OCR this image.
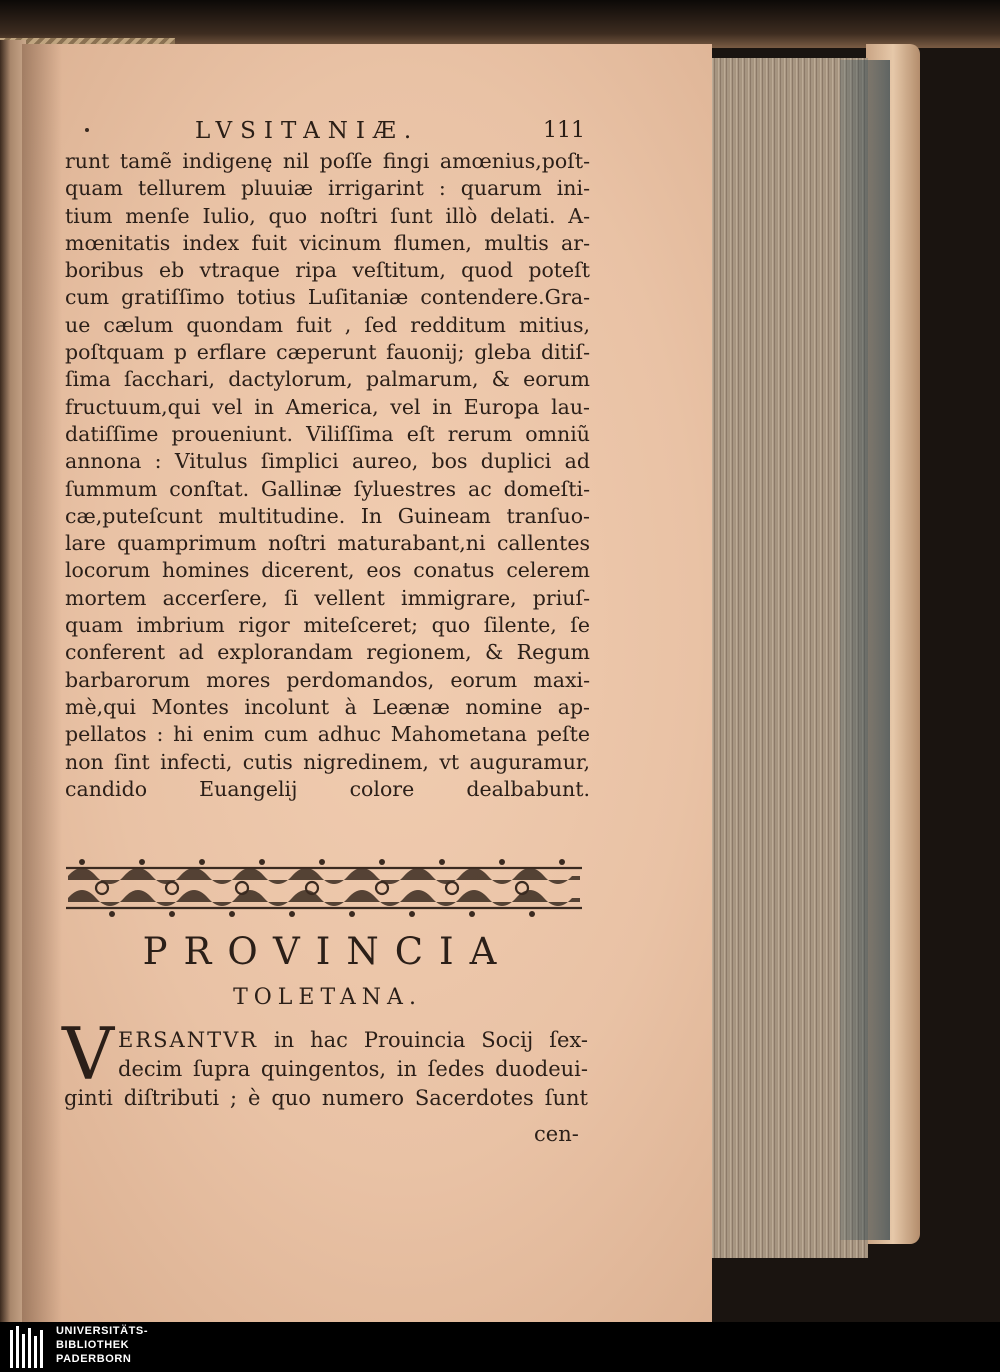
LVSITANIÆ.	111
runt tamẽ indigenę nil poſſe fingi amœnius,poſt-
quam tellurem pluuiæ irrigarint : quarum ini-
tium menſe Iulio, quo noſtri ſunt illò delati. A-
mœnitatis index fuit vicinum flumen, multis ar-
boribus eb vtraque ripa veſtitum, quod poteſt
cum gratiſſimo totius Luſitaniæ contendere.Gra-
ue cælum quondam fuit , ſed redditum mitius,
poſtquam p erflare cæperunt fauonij; gleba ditiſ-
ſima ſacchari, dactylorum, palmarum, & eorum
fructuum,qui vel in America, vel in Europa lau-
datiſſime proueniunt. Viliſſima eſt rerum omniũ
annona : Vitulus ſimplici aureo, bos duplici ad
ſummum conſtat. Gallinæ ſyluestres ac domeſti-
cæ,puteſcunt multitudine. In Guineam tranſuo-
lare quamprimum noſtri maturabant,ni callentes
locorum homines dicerent, eos conatus celerem
mortem accerſere, ſi vellent immigrare, priuſ-
quam imbrium rigor miteſceret; quo ſilente, ſe
conferent ad explorandam regionem, & Regum
barbarorum mores perdomandos, eorum maxi-
mè,qui Montes incolunt à Leænæ nomine ap-
pellatos : hi enim cum adhuc Mahometana peſte
non ſint infecti, cutis nigredinem, vt auguramur,
candido Euangelij colore dealbabunt.
PROVINCIA
TOLETANA.
V ERSANTVR in hac Prouincia Socij ſex-
decim ſupra quingentos, in ſedes duodeui-
ginti diſtributi ; è quo numero Sacerdotes ſunt
cen-
UNIVERSITÄTS-
BIBLIOTHEK
PADERBORN
